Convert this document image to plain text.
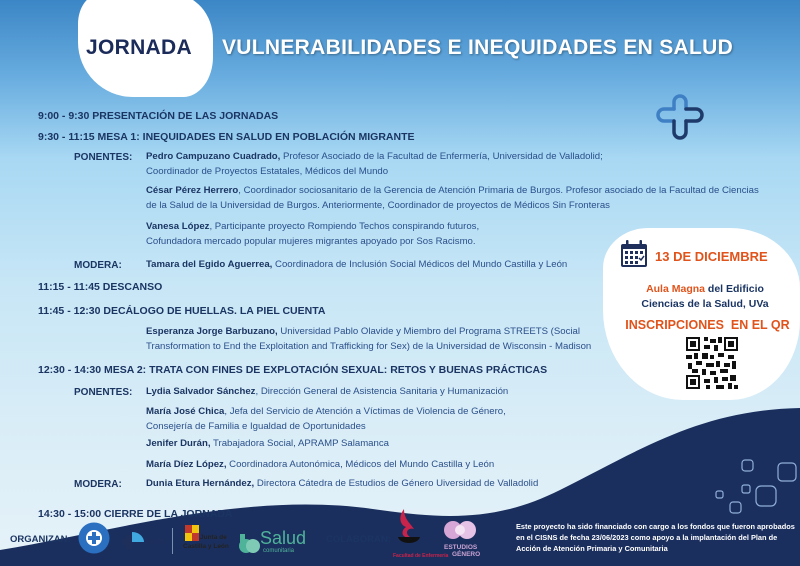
JORNADA VULNERABILIDADES E INEQUIDADES EN SALUD
9:00 - 9:30 PRESENTACIÓN DE LAS JORNADAS
9:30 - 11:15 MESA 1: INEQUIDADES EN SALUD EN POBLACIÓN MIGRANTE
PONENTES: Pedro Campuzano Cuadrado, Profesor Asociado de la Facultad de Enfermería, Universidad de Valladolid; Coordinador de Proyectos Estatales, Médicos del Mundo
César Pérez Herrero, Coordinador sociosanitario de la Gerencia de Atención Primaria de Burgos. Profesor asociado de la Facultad de Ciencias de la Salud de la Universidad de Burgos. Anteriormente, Coordinador de proyectos de Médicos Sin Fronteras
Vanesa López, Participante proyecto Rompiendo Techos conspirando futuros, Cofundadora mercado popular mujeres migrantes apoyado por Sos Racismo.
MODERA:	Tamara del Egido Aguerrea, Coordinadora de Inclusión Social Médicos del Mundo Castilla y León
11:15 - 11:45 DESCANSO
11:45 - 12:30 DECÁLOGO DE HUELLAS. LA PIEL CUENTA
Esperanza Jorge Barbuzano, Universidad Pablo Olavide y Miembro del Programa STREETS (Social Transformation to End the Exploitation and Trafficking for Sex) de la Universidad de Wisconsin - Madison
12:30 - 14:30 MESA 2: TRATA CON FINES DE EXPLOTACIÓN SEXUAL: RETOS Y BUENAS PRÁCTICAS
PONENTES: Lydia Salvador Sánchez, Dirección General de Asistencia Sanitaria y Humanización
María José Chica, Jefa del Servicio de Atención a Víctimas de Violencia de Género, Consejería de Familia e Igualdad de Oportunidades
Jenifer Durán, Trabajadora Social, APRAMP Salamanca
María Díez López, Coordinadora Autonómica, Médicos del Mundo Castilla y León
MODERA:	Dunia Etura Hernández, Directora Cátedra de Estudios de Género Uiversidad de Valladolid
14:30 - 15:00 CIERRE DE LA JORNADA
13 DE DICIEMBRE
Aula Magna del Edificio
Ciencias de la Salud, UVa
INSCRIPCIONES  EN EL QR
Este proyecto ha sido financiado con cargo a los fondos que fueron aprobados en el CISNS de fecha 23/06/2023 como apoyo a la implantación del Plan de Acción de Atención Primaria y Comunitaria
ORGANIZAN:	Sacyl	Junta de
Castilla y León Salud
comunitaria
COLABORAN:
Facultad de Enfermería
ESTUDIOS
GÉNERO
